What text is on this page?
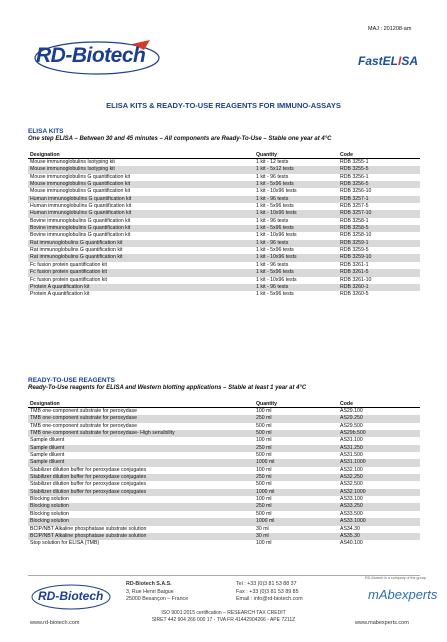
MAJ : 201208-am
RD-Biotech	FastELISA
ELISA KITS & READY-TO-USE REAGENTS FOR IMMUNO-ASSAYS
ELISA KITS
One step ELISA – Between 30 and 45 minutes – All components are Ready-To-Use – Stable one year at 4°C
Designation	Quantity	Code
Mouse immunoglobulins Isotyping kit	1 kit - 12 tests	RDB 3255-1
Mouse immunoglobulins Isotyping kit	1 kit - 5x12 tests	RDB 3255-5
Mouse immunoglobulins G quantification kit	1 kit - 96 tests	RDB 3256-1
Mouse immunoglobulins G quantification kit	1 kit - 5x96 tests	RDB 3256-5
Mouse immunoglobulins G quantification kit	1 kit - 10x96 tests	RDB 3256-10
Human immunoglobulins G quantification kit	1 kit - 96 tests	RDB 3257-1
Human immunoglobulins G quantification kit	1 kit - 5x96 tests	RDB 3257-5
Human immunoglobulins G quantification kit	1 kit - 10x96 tests	RDB 3257-10
Bovine immunoglobulins G quantification kit	1 kit - 96 tests	RDB 3258-1
Bovine immunoglobulins G quantification kit	1 kit - 5x96 tests	RDB 3258-5
Bovine immunoglobulins G quantification kit	1 kit - 10x96 tests	RDB 3258-10
Rat immunoglobulins G quantification kit	1 kit - 96 tests	RDB 3259-1
Rat immunoglobulins G quantification kit	1 kit - 5x96 tests	RDB 3259-5
Rat immunoglobulins G quantification kit	1 kit - 10x96 tests	RDB 3259-10
Fc fusion protein quantification kit	1 kit - 96 tests	RDB 3261-1
Fc fusion protein quantification kit	1 kit - 5x96 tests	RDB 3261-5
Fc fusion protein quantification kit	1 kit - 10x96 tests	RDB 3261-10
Protein A quantification kit	1 kit - 96 tests	RDB 3260-1
Protein A quantification kit	1 kit - 5x96 tests	RDB 3260-5
READY-TO-USE REAGENTS
Ready-To-Use reagents for ELISA and Western blotting applications – Stable at least 1 year at 4°C
Designation	Quantity	Code
TMB one-component substrate for peroxydase	100 ml	AS29.100
TMB one-component substrate for peroxydase	250 ml	AS29.250
TMB one-component substrate for peroxydase	500 ml	AS29.500
TMB one-component substrate for peroxydase- High sensibility	500 ml	AS29b.500
Sample diluent	100 ml	AS31.100
Sample diluent	250 ml	AS31.250
Sample diluent	500 ml	AS31.500
Sample diluent	1000 ml	AS31.1000
Stabilizer dilution buffer for peroxydase conjugates	100 ml	AS32.100
Stabilizer dilution buffer for peroxydase conjugates	250 ml	AS32.250
Stabilizer dilution buffer for peroxydase conjugates	500 ml	AS32.500
Stabilizer dilution buffer for peroxydase conjugates	1000 ml	AS32.1000
Blocking solution	100 ml	AS33.100
Blocking solution	250 ml	AS33.250
Blocking solution	500 ml	AS33.500
Blocking solution	1000 ml	AS33.1000
BCIP/NBT Alkaline phosphatase substrate solution	30 ml	AS34.30
BCIP/NBT Alkaline phosphatase substrate solution	30 ml	AS35.30
Stop solution for ELISA (TMB)	100 ml	AS40.100
RD-Biotech
RD-Biotech S.A.S.
3, Rue Henri Baigue
25000 Besançon – France
Tel : +33 (0)3 81 53 88 37
Fax : +33 (0)3 81 53 89 85
Email : info@rd-biotech.com
RD-Biotech is a company of the group
mAbexperts
ISO 9001:2015 certification – RESEARCH TAX CREDIT
SIRET 442 904 266 000 17 - TVA FR 41442904266 - APE 7211Z
www.rd-biotech.com	www.mabexperts.com
